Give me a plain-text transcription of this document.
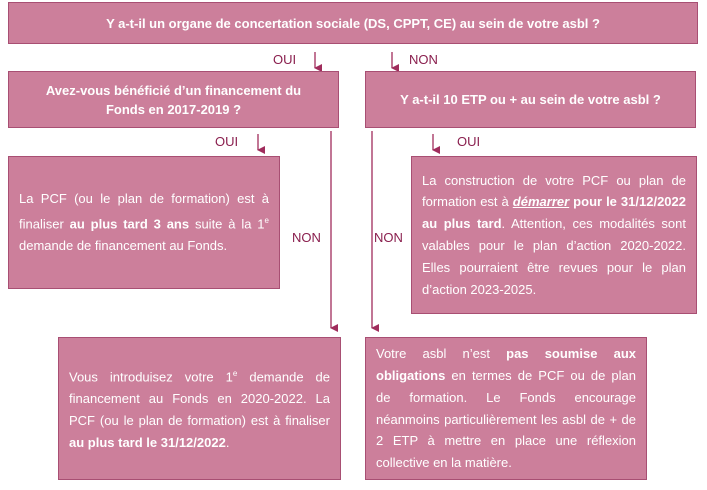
Y a-t-il un organe de concertation sociale (DS, CPPT, CE) au sein de votre asbl ?
Avez-vous bénéficié d’un financement du
Fonds en 2017-2019 ?
Y a-t-il 10 ETP ou + au sein de votre asbl ?
OUI	NON
OUI	OUI
NON	NON

La PCF (ou le plan de formation) est à finaliser au plus tard 3 ans suite à la 1e demande de financement au Fonds.

La construction de votre PCF ou plan de formation est à démarrer pour le 31/12/2022 au plus tard. Attention, ces modalités sont valables pour le plan d’action 2020-2022. Elles pourraient être revues pour le plan d’action 2023-2025.

Vous introduisez votre 1e demande de financement au Fonds en 2020-2022. La PCF (ou le plan de formation) est à finaliser au plus tard le 31/12/2022.

Votre asbl n’est pas soumise aux obligations en termes de PCF ou de plan de formation. Le Fonds encourage néanmoins particulièrement les asbl de + de 2 ETP à mettre en place une réflexion collective en la matière.
